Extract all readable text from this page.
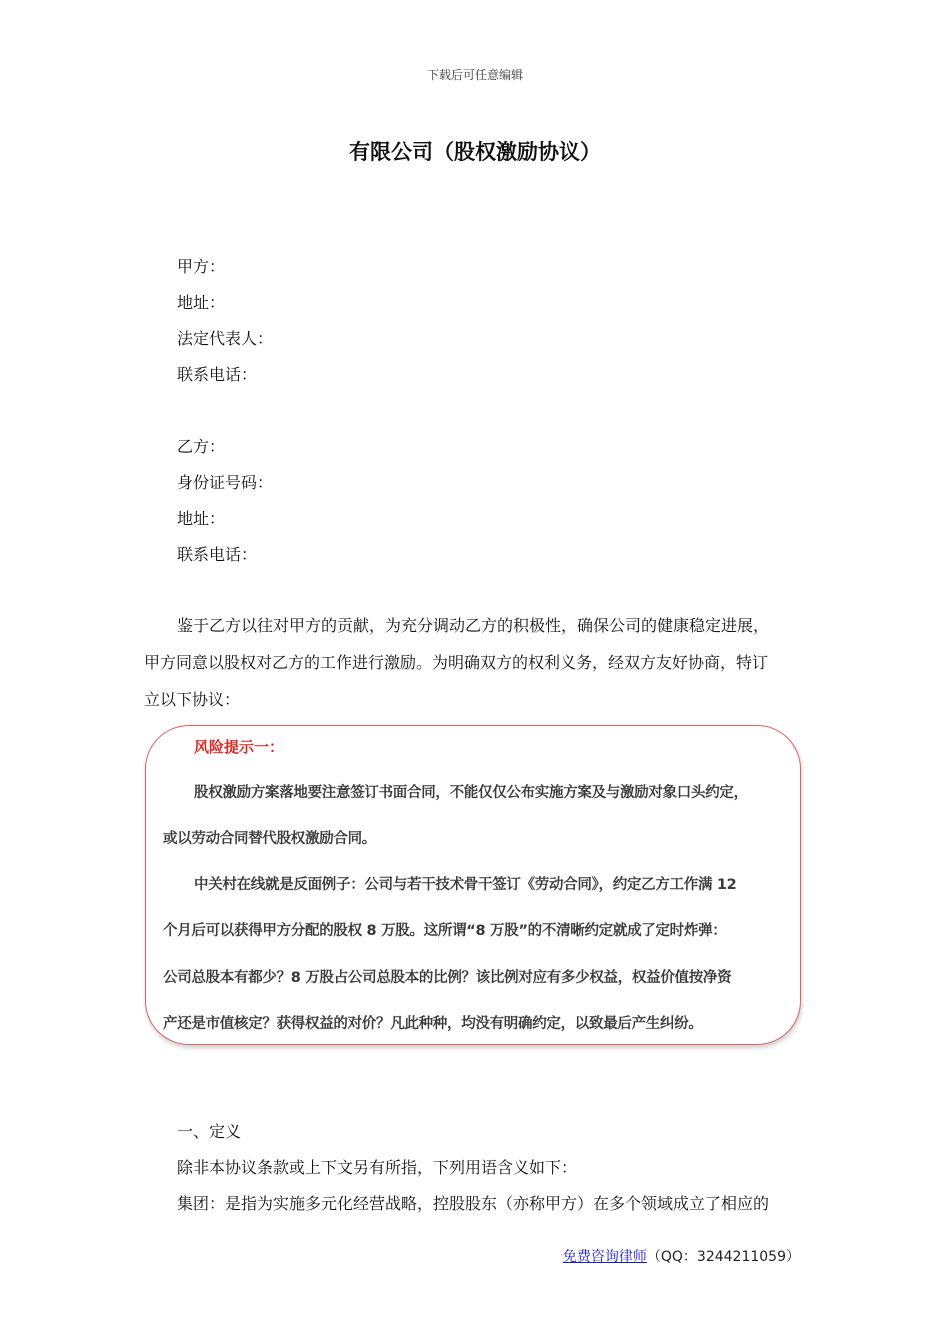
下载后可任意编辑
有限公司（股权激励协议）
甲方：
地址：
法定代表人：
联系电话：
乙方：
身份证号码：
地址：
联系电话：
鉴于乙方以往对甲方的贡献，为充分调动乙方的积极性，确保公司的健康稳定进展，
甲方同意以股权对乙方的工作进行激励。为明确双方的权利义务，经双方友好协商，特订
立以下协议：
风险提示一：
股权激励方案落地要注意签订书面合同，不能仅仅公布实施方案及与激励对象口头约定，
或以劳动合同替代股权激励合同。
中关村在线就是反面例子：公司与若干技术骨干签订《劳动合同》，约定乙方工作满 12
个月后可以获得甲方分配的股权 8 万股。这所谓“8 万股”的不清晰约定就成了定时炸弹：
公司总股本有都少？8 万股占公司总股本的比例？该比例对应有多少权益，权益价值按净资
产还是市值核定？获得权益的对价？凡此种种，均没有明确约定，以致最后产生纠纷。
一、定义
除非本协议条款或上下文另有所指，下列用语含义如下：
集团：是指为实施多元化经营战略，控股股东（亦称甲方）在多个领域成立了相应的
免费咨询律师（QQ：3244211059）
